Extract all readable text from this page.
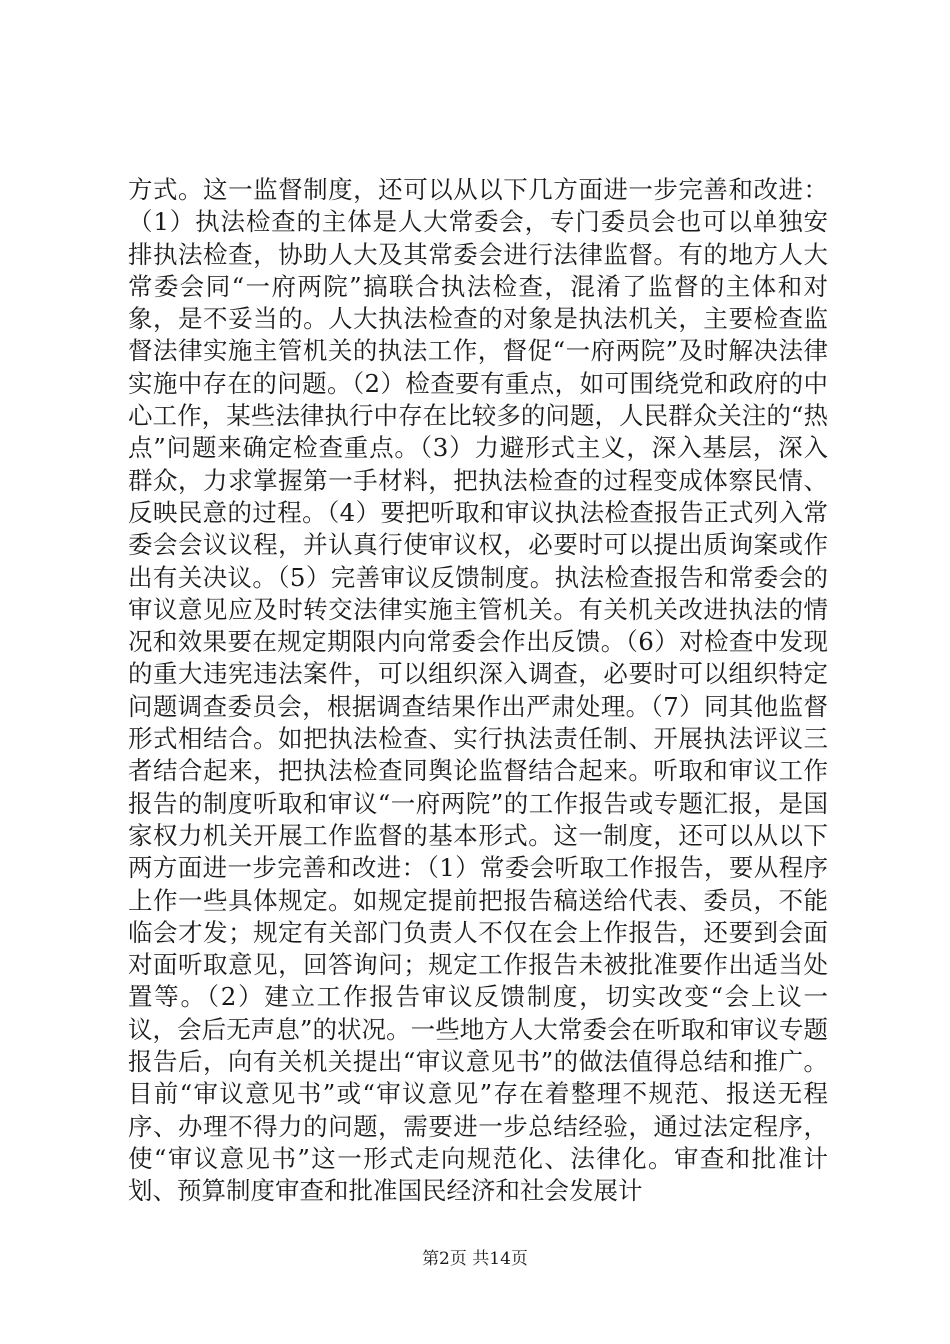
方式。这一监督制度，还可以从以下几方面进一步完善和改进：（1）执法检查的主体是人大常委会，专门委员会也可以单独安排执法检查，协助人大及其常委会进行法律监督。有的地方人大常委会同“一府两院”搞联合执法检查，混淆了监督的主体和对象，是不妥当的。人大执法检查的对象是执法机关，主要检查监督法律实施主管机关的执法工作，督促“一府两院”及时解决法律实施中存在的问题。（2）检查要有重点，如可围绕党和政府的中心工作，某些法律执行中存在比较多的问题，人民群众关注的“热点”问题来确定检查重点。（3）力避形式主义，深入基层，深入群众，力求掌握第一手材料，把执法检查的过程变成体察民情、反映民意的过程。（4）要把听取和审议执法检查报告正式列入常委会会议议程，并认真行使审议权，必要时可以提出质询案或作出有关决议。（5）完善审议反馈制度。执法检查报告和常委会的审议意见应及时转交法律实施主管机关。有关机关改进执法的情况和效果要在规定期限内向常委会作出反馈。（6）对检查中发现的重大违宪违法案件，可以组织深入调查，必要时可以组织特定问题调查委员会，根据调查结果作出严肃处理。（7）同其他监督形式相结合。如把执法检查、实行执法责任制、开展执法评议三者结合起来，把执法检查同舆论监督结合起来。听取和审议工作报告的制度听取和审议“一府两院”的工作报告或专题汇报，是国家权力机关开展工作监督的基本形式。这一制度，还可以从以下两方面进一步完善和改进：（1）常委会听取工作报告，要从程序上作一些具体规定。如规定提前把报告稿送给代表、委员，不能临会才发；规定有关部门负责人不仅在会上作报告，还要到会面对面听取意见，回答询问；规定工作报告未被批准要作出适当处置等。（2）建立工作报告审议反馈制度，切实改变“会上议一议，会后无声息”的状况。一些地方人大常委会在听取和审议专题报告后，向有关机关提出“审议意见书”的做法值得总结和推广。目前“审议意见书”或“审议意见”存在着整理不规范、报送无程序、办理不得力的问题，需要进一步总结经验，通过法定程序，使“审议意见书”这一形式走向规范化、法律化。审查和批准计划、预算制度审查和批准国民经济和社会发展计

第2页 共14页
